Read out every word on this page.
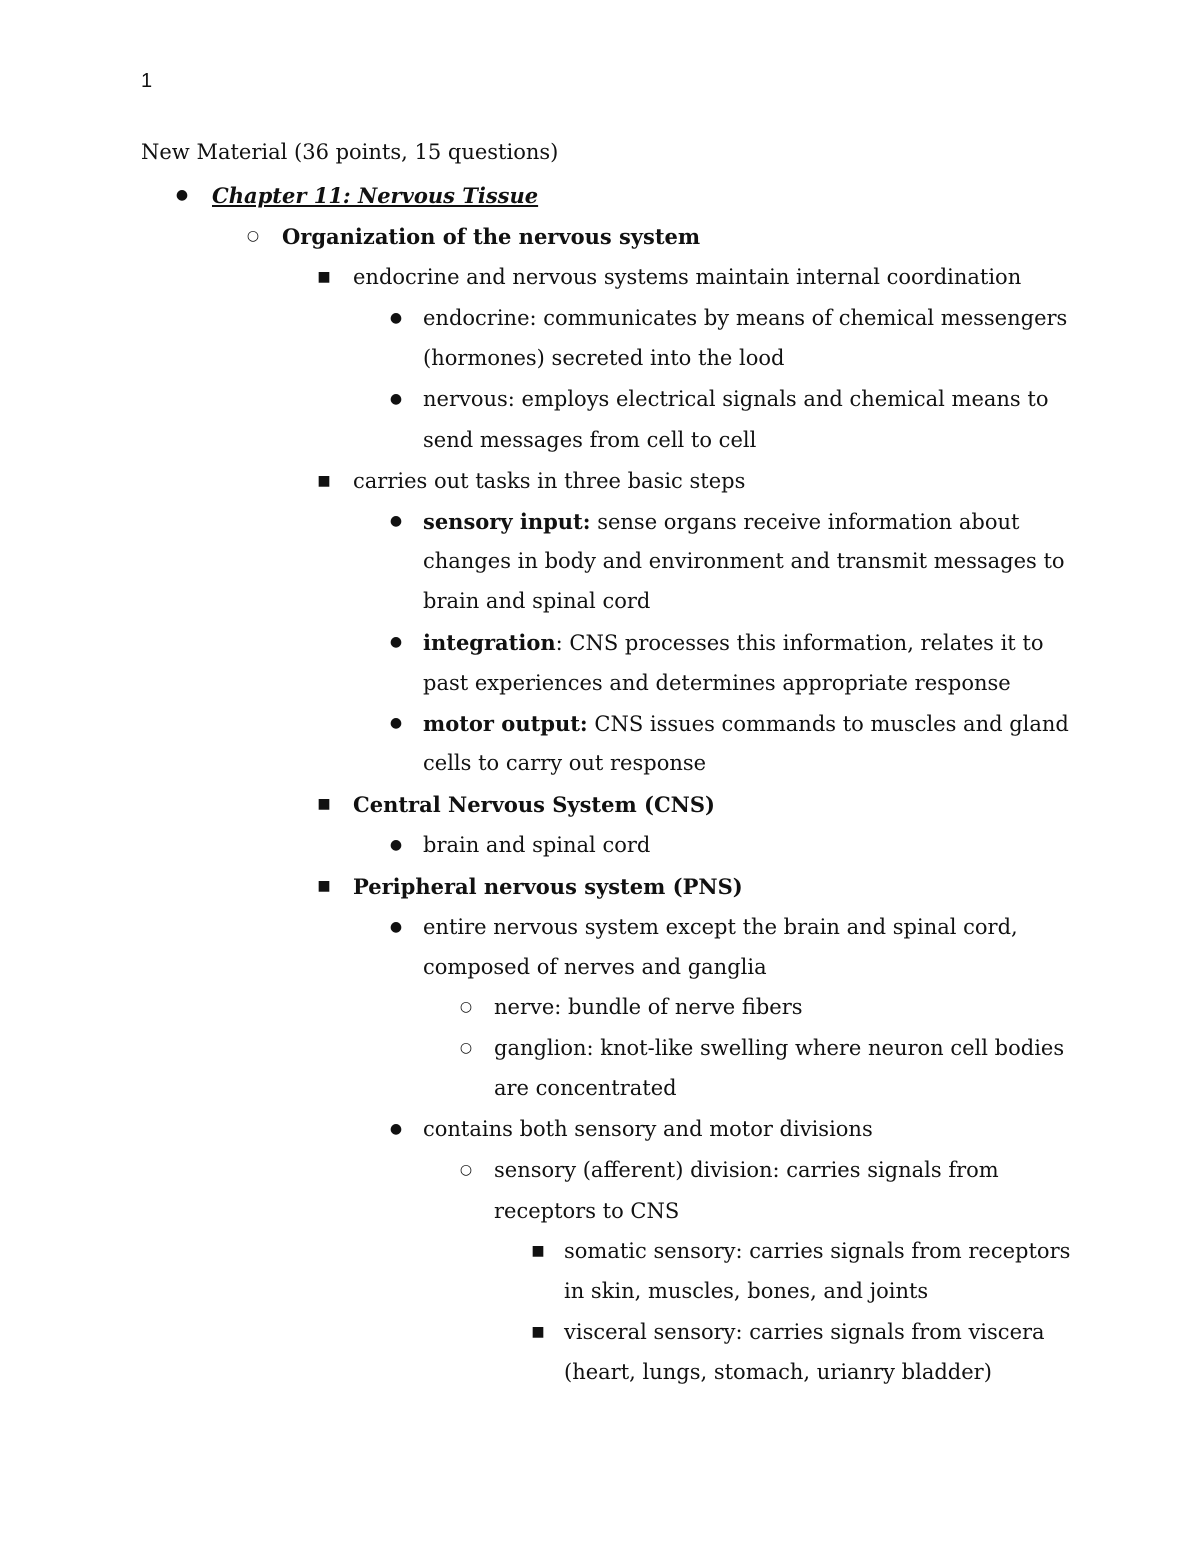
1
New Material (36 points, 15 questions)
● Chapter 11: Nervous Tissue
○ Organization of the nervous system
■ endocrine and nervous systems maintain internal coordination
● endocrine: communicates by means of chemical messengers
(hormones) secreted into the lood
● nervous: employs electrical signals and chemical means to
send messages from cell to cell
■ carries out tasks in three basic steps
● sensory input: sense organs receive information about
changes in body and environment and transmit messages to
brain and spinal cord
● integration: CNS processes this information, relates it to
past experiences and determines appropriate response
● motor output: CNS issues commands to muscles and gland
cells to carry out response
■ Central Nervous System (CNS)
● brain and spinal cord
■ Peripheral nervous system (PNS)
● entire nervous system except the brain and spinal cord,
composed of nerves and ganglia
○ nerve: bundle of nerve fibers
○ ganglion: knot-like swelling where neuron cell bodies
are concentrated
● contains both sensory and motor divisions
○ sensory (afferent) division: carries signals from
receptors to CNS
■ somatic sensory: carries signals from receptors
in skin, muscles, bones, and joints
■ visceral sensory: carries signals from viscera
(heart, lungs, stomach, urianry bladder)
